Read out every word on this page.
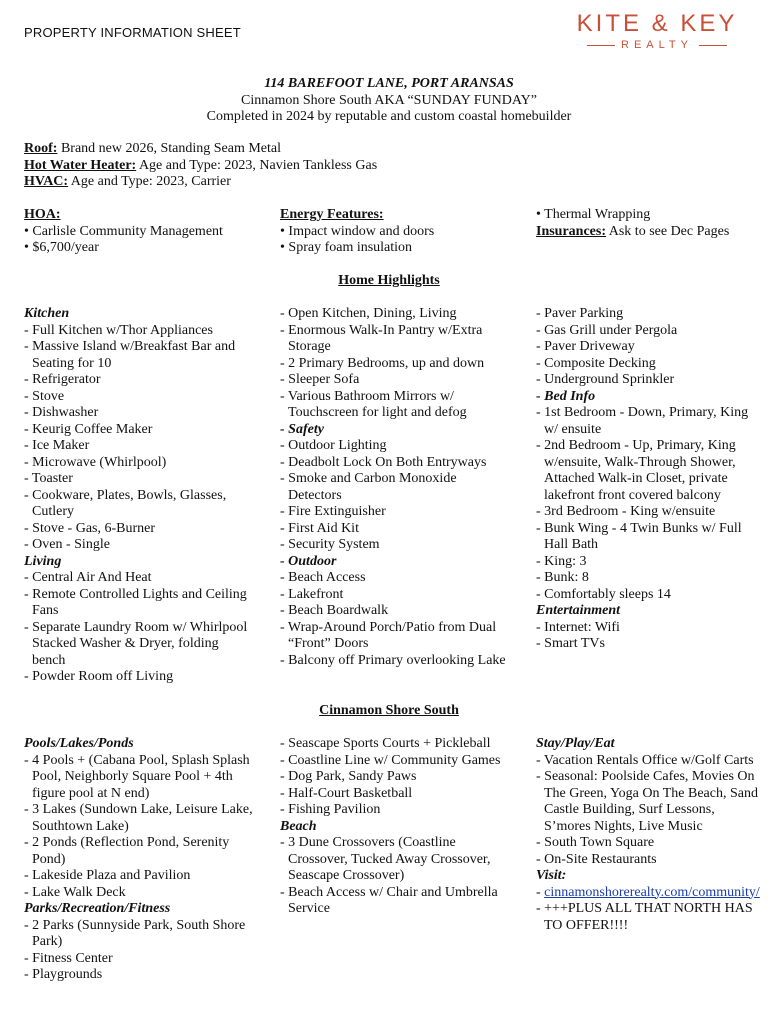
PROPERTY INFORMATION SHEET	KITE & KEY
REALTY
114 BAREFOOT LANE, PORT ARANSAS
Cinnamon Shore South AKA “SUNDAY FUNDAY”
Completed in 2024 by reputable and custom coastal homebuilder
Roof: Brand new 2026, Standing Seam Metal
Hot Water Heater: Age and Type: 2023, Navien Tankless Gas
HVAC: Age and Type: 2023, Carrier
HOA:
• Carlisle Community Management
• $6,700/year
Energy Features:
• Impact window and doors
• Spray foam insulation
• Thermal Wrapping
Insurances: Ask to see Dec Pages
Home Highlights
Kitchen
- Full Kitchen w/Thor Appliances
- Massive Island w/Breakfast Bar and Seating for 10
- Refrigerator
- Stove
- Dishwasher
- Keurig Coffee Maker
- Ice Maker
- Microwave (Whirlpool)
- Toaster
- Cookware, Plates, Bowls, Glasses, Cutlery
- Stove - Gas, 6-Burner
- Oven - Single
Living
- Central Air And Heat
- Remote Controlled Lights and Ceiling Fans
- Separate Laundry Room w/ Whirlpool Stacked Washer & Dryer, folding bench
- Powder Room off Living
- Open Kitchen, Dining, Living
- Enormous Walk-In Pantry w/Extra Storage
- 2 Primary Bedrooms, up and down
- Sleeper Sofa
- Various Bathroom Mirrors w/ Touchscreen for light and defog
- Safety
- Outdoor Lighting
- Deadbolt Lock On Both Entryways
- Smoke and Carbon Monoxide Detectors
- Fire Extinguisher
- First Aid Kit
- Security System
- Outdoor
- Beach Access
- Lakefront
- Beach Boardwalk
- Wrap-Around Porch/Patio from Dual “Front” Doors
- Balcony off Primary overlooking Lake
- Paver Parking
- Gas Grill under Pergola
- Paver Driveway
- Composite Decking
- Underground Sprinkler
- Bed Info
- 1st Bedroom - Down, Primary, King w/ ensuite
- 2nd Bedroom - Up, Primary, King w/ensuite, Walk-Through Shower, Attached Walk-in Closet, private lakefront front covered balcony
- 3rd Bedroom - King w/ensuite
- Bunk Wing - 4 Twin Bunks w/ Full Hall Bath
- King: 3
- Bunk: 8
- Comfortably sleeps 14
Entertainment
- Internet: Wifi
- Smart TVs
Cinnamon Shore South
Pools/Lakes/Ponds
- 4 Pools + (Cabana Pool, Splash Splash Pool, Neighborly Square Pool + 4th figure pool at N end)
- 3 Lakes (Sundown Lake, Leisure Lake, Southtown Lake)
- 2 Ponds (Reflection Pond, Serenity Pond)
- Lakeside Plaza and Pavilion
- Lake Walk Deck
Parks/Recreation/Fitness
- 2 Parks (Sunnyside Park, South Shore Park)
- Fitness Center
- Playgrounds
- Seascape Sports Courts + Pickleball
- Coastline Line w/ Community Games
- Dog Park, Sandy Paws
- Half-Court Basketball
- Fishing Pavilion
Beach
- 3 Dune Crossovers (Coastline Crossover, Tucked Away Crossover, Seascape Crossover)
- Beach Access w/ Chair and Umbrella Service
Stay/Play/Eat
- Vacation Rentals Office w/Golf Carts
- Seasonal: Poolside Cafes, Movies On The Green, Yoga On The Beach, Sand Castle Building, Surf Lessons, S’mores Nights, Live Music
- South Town Square
- On-Site Restaurants
Visit:
- cinnamonshorerealty.com/community/
- +++PLUS ALL THAT NORTH HAS TO OFFER!!!!
